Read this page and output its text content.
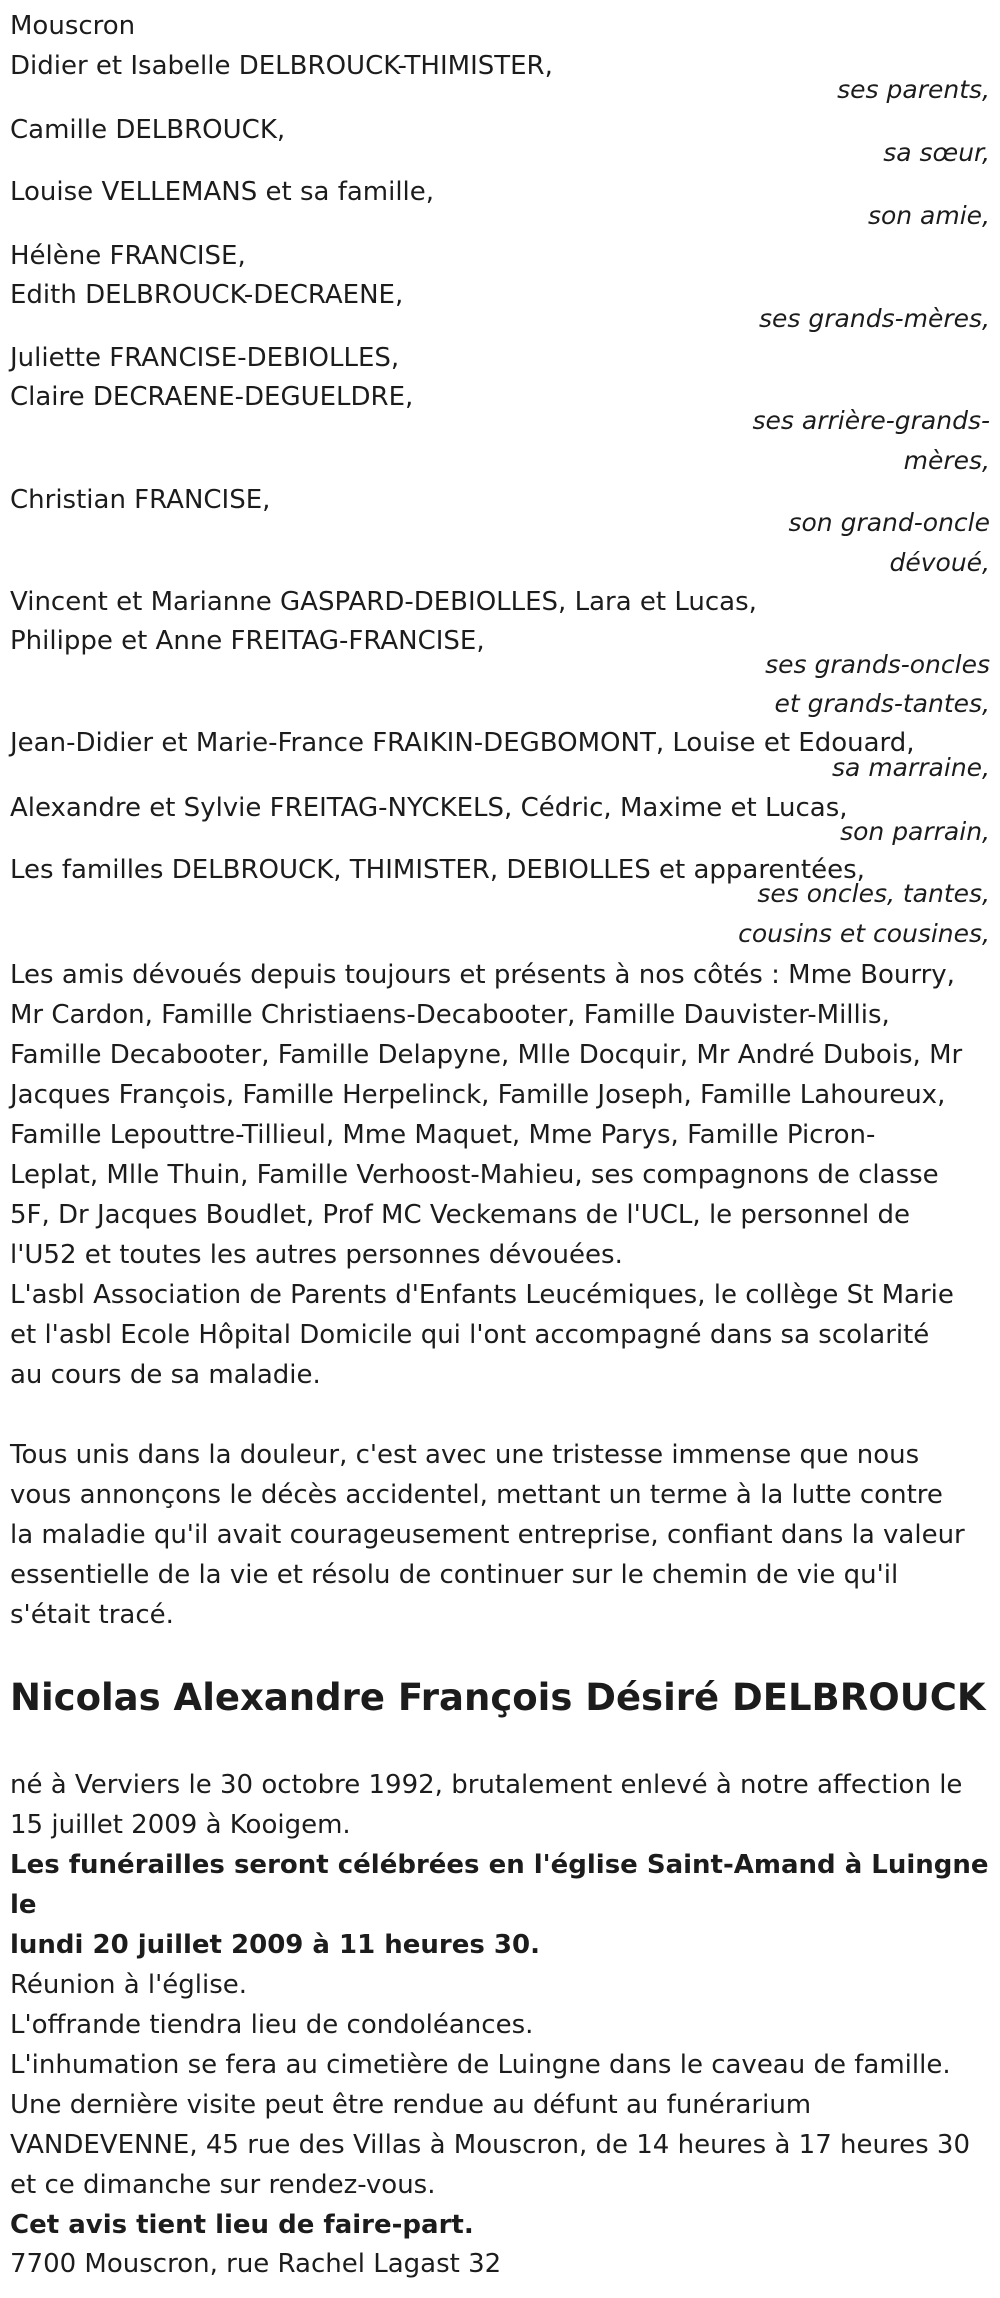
Mouscron
Didier et Isabelle DELBROUCK-THIMISTER,
ses parents,
Camille DELBROUCK,
sa sœur,
Louise VELLEMANS et sa famille,
son amie,
Hélène FRANCISE,
Edith DELBROUCK-DECRAENE,
ses grands-mères,
Juliette FRANCISE-DEBIOLLES,
Claire DECRAENE-DEGUELDRE,
ses arrière-grands-
mères,
Christian FRANCISE,
son grand-oncle
dévoué,
Vincent et Marianne GASPARD-DEBIOLLES, Lara et Lucas,
Philippe et Anne FREITAG-FRANCISE,
ses grands-oncles
et grands-tantes,
Jean-Didier et Marie-France FRAIKIN-DEGBOMONT, Louise et Edouard,
sa marraine,
Alexandre et Sylvie FREITAG-NYCKELS, Cédric, Maxime et Lucas,
son parrain,
Les familles DELBROUCK, THIMISTER, DEBIOLLES et apparentées,
ses oncles, tantes,
cousins et cousines,
Les amis dévoués depuis toujours et présents à nos côtés : Mme Bourry,
Mr Cardon, Famille Christiaens-Decabooter, Famille Dauvister-Millis,
Famille Decabooter, Famille Delapyne, Mlle Docquir, Mr André Dubois, Mr
Jacques François, Famille Herpelinck, Famille Joseph, Famille Lahoureux,
Famille Lepouttre-Tillieul, Mme Maquet, Mme Parys, Famille Picron-
Leplat, Mlle Thuin, Famille Verhoost-Mahieu, ses compagnons de classe
5F, Dr Jacques Boudlet, Prof MC Veckemans de l'UCL, le personnel de
l'U52 et toutes les autres personnes dévouées.
L'asbl Association de Parents d'Enfants Leucémiques, le collège St Marie
et l'asbl Ecole Hôpital Domicile qui l'ont accompagné dans sa scolarité
au cours de sa maladie.
Tous unis dans la douleur, c'est avec une tristesse immense que nous
vous annonçons le décès accidentel, mettant un terme à la lutte contre
la maladie qu'il avait courageusement entreprise, confiant dans la valeur
essentielle de la vie et résolu de continuer sur le chemin de vie qu'il
s'était tracé.
Nicolas Alexandre François Désiré DELBROUCK
né à Verviers le 30 octobre 1992, brutalement enlevé à notre affection le
15 juillet 2009 à Kooigem.
Les funérailles seront célébrées en l'église Saint-Amand à Luingne le
lundi 20 juillet 2009 à 11 heures 30.
Réunion à l'église.
L'offrande tiendra lieu de condoléances.
L'inhumation se fera au cimetière de Luingne dans le caveau de famille.
Une dernière visite peut être rendue au défunt au funérarium
VANDEVENNE, 45 rue des Villas à Mouscron, de 14 heures à 17 heures 30
et ce dimanche sur rendez-vous.
Cet avis tient lieu de faire-part.
7700 Mouscron, rue Rachel Lagast 32
